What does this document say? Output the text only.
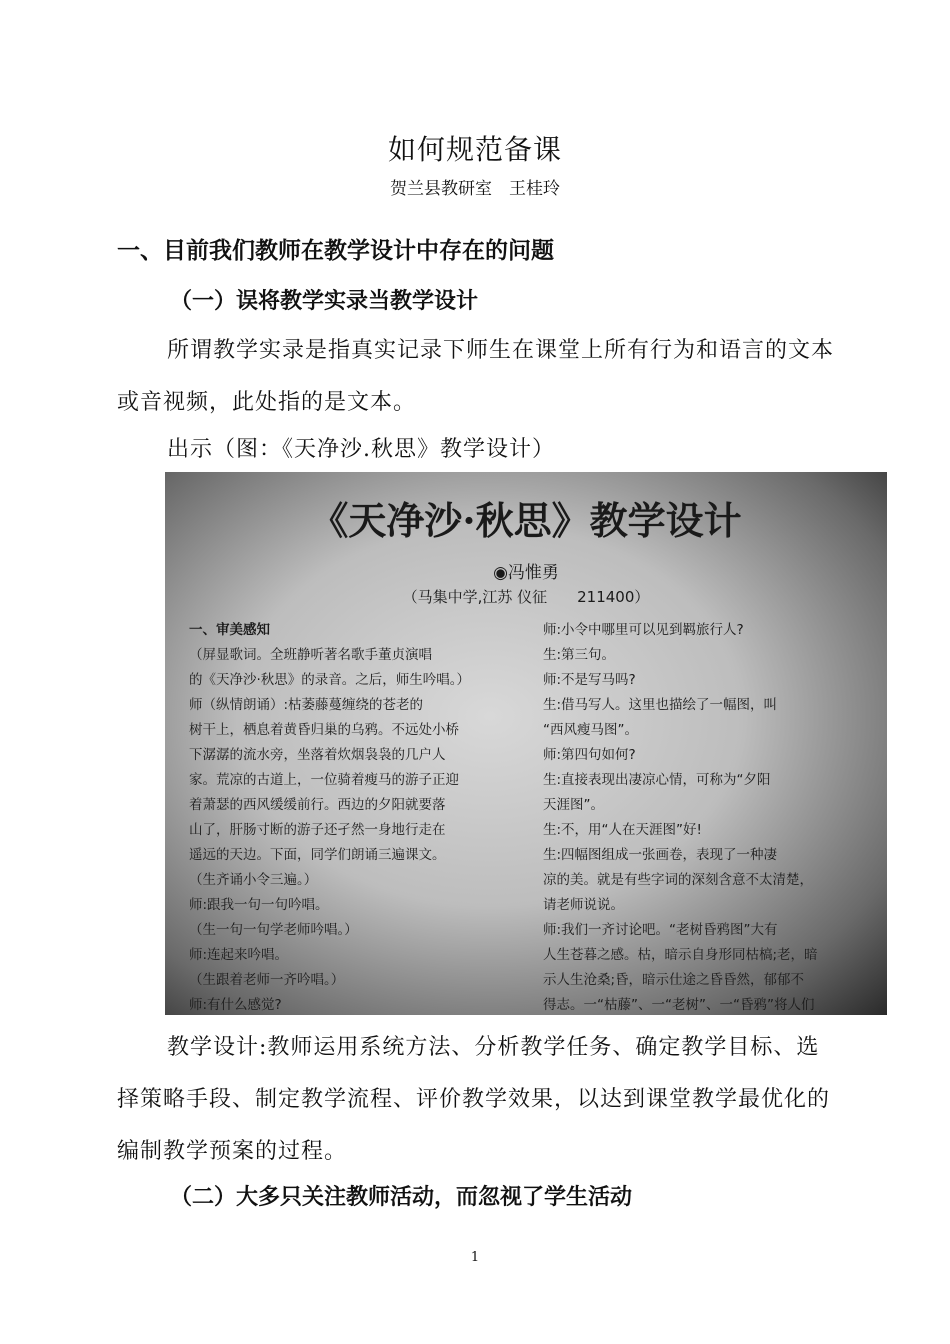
如何规范备课
贺兰县教研室　王桂玲
一、目前我们教师在教学设计中存在的问题
（一）误将教学实录当教学设计

所谓教学实录是指真实记录下师生在课堂上所有行为和语言的文本或音视频，此处指的是文本。

出示（图：《天净沙.秋思》教学设计）
《天净沙·秋思》教学设计
◉冯惟勇
（马集中学,江苏 仪征　　211400）
一、审美感知
（屏显歌词。全班静听著名歌手董贞演唱
的《天净沙·秋思》的录音。之后，师生吟唱。）
师（纵情朗诵）:枯萎藤蔓缠绕的苍老的
树干上，栖息着黄昏归巢的乌鸦。不远处小桥
下潺潺的流水旁，坐落着炊烟袅袅的几户人
家。荒凉的古道上，一位骑着瘦马的游子正迎
着萧瑟的西风缓缓前行。西边的夕阳就要落
山了，肝肠寸断的游子还孑然一身地行走在
遥远的天边。下面，同学们朗诵三遍课文。
（生齐诵小令三遍。）
师:跟我一句一句吟唱。
（生一句一句学老师吟唱。）
师:连起来吟唱。
（生跟着老师一齐吟唱。）
师:有什么感觉?
师:小令中哪里可以见到羁旅行人?
生:第三句。
师:不是写马吗?
生:借马写人。这里也描绘了一幅图，叫
“西风瘦马图”。
师:第四句如何?
生:直接表现出凄凉心情，可称为“夕阳
天涯图”。
生:不，用“人在天涯图”好!
生:四幅图组成一张画卷，表现了一种凄
凉的美。就是有些字词的深刻含意不太清楚，
请老师说说。
师:我们一齐讨论吧。“老树昏鸦图”大有
人生苍暮之感。枯，暗示自身形同枯槁;老，暗
示人生沧桑;昏，暗示仕途之昏昏然，郁郁不
得志。一“枯藤”、一“老树”、一“昏鸦”将人们

教学设计:教师运用系统方法、分析教学任务、确定教学目标、选择策略手段、制定教学流程、评价教学效果，以达到课堂教学最优化的编制教学预案的过程。

（二）大多只关注教师活动，而忽视了学生活动
1
